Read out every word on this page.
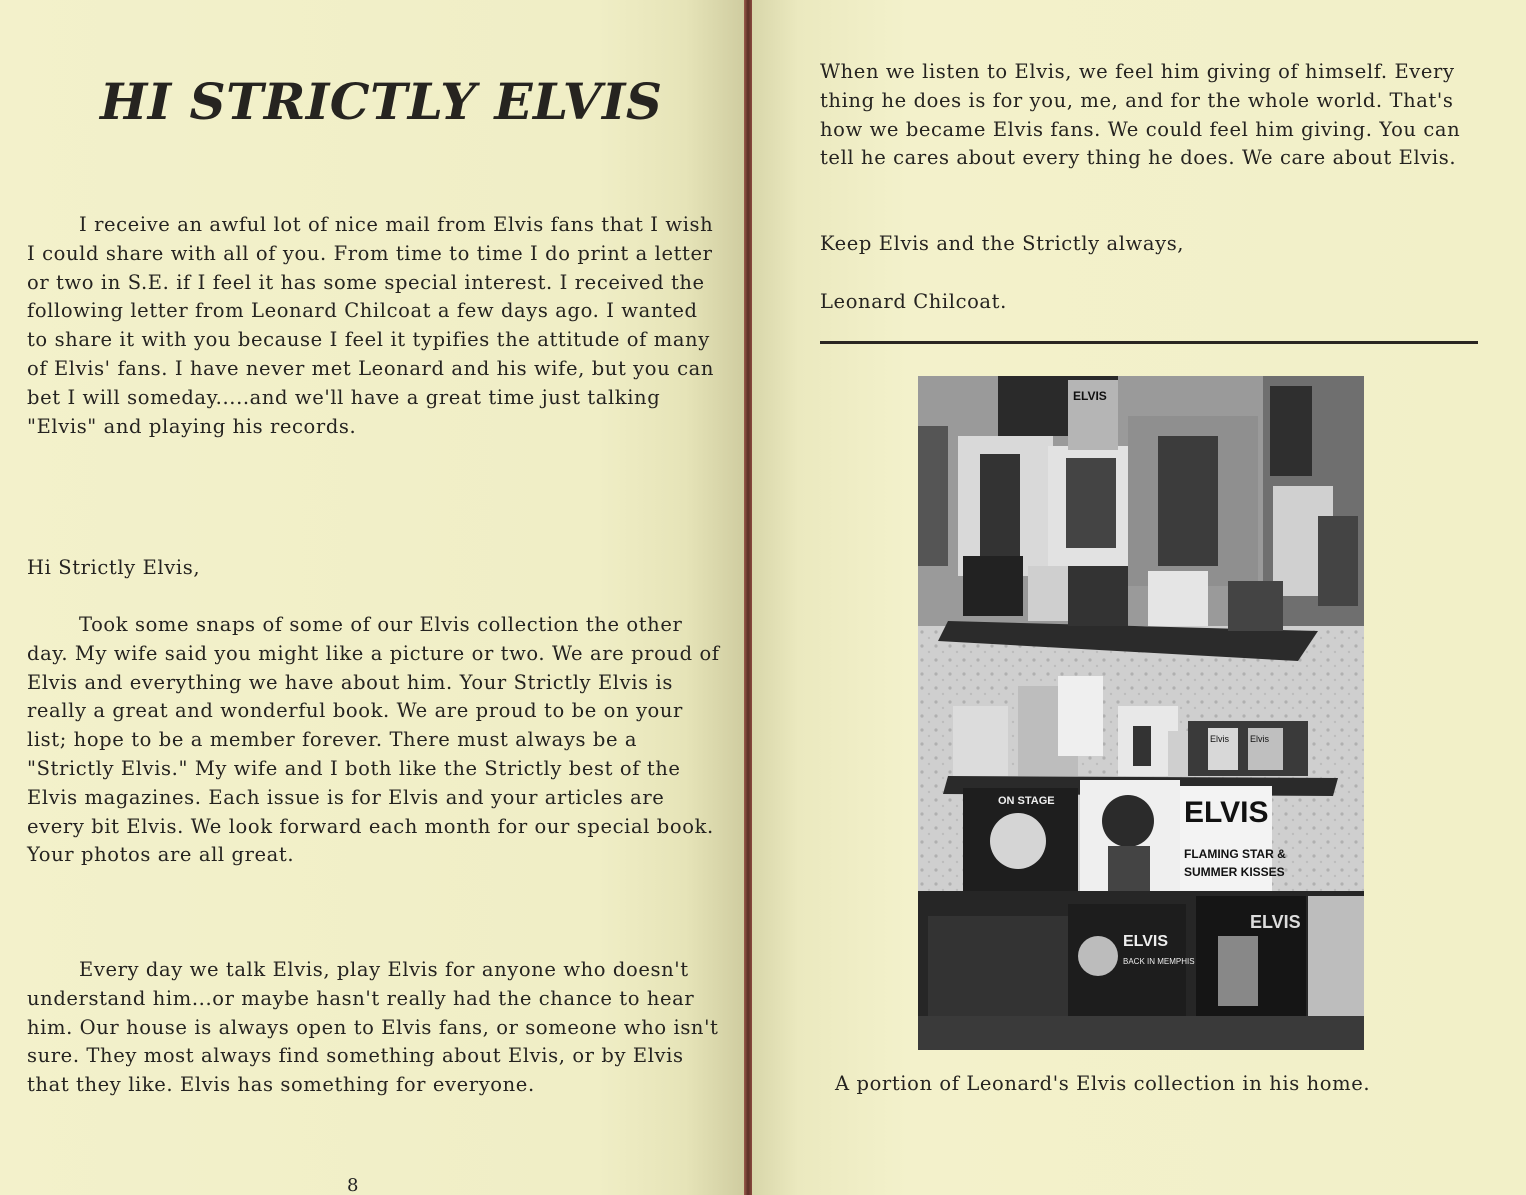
HI STRICTLY ELVIS

I receive an awful lot of nice mail from Elvis fans that I wish I could share with all of you. From time to time I do print a letter or two in S.E. if I feel it has some special interest. I received the following letter from Leonard Chilcoat a few days ago. I wanted to share it with you because I feel it typifies the attitude of many of Elvis' fans. I have never met Leonard and his wife, but you can bet I will someday.....and we'll have a great time just talking "Elvis" and playing his records.

Hi Strictly Elvis,

Took some snaps of some of our Elvis collection the other day. My wife said you might like a picture or two. We are proud of Elvis and everything we have about him. Your Strictly Elvis is really a great and wonderful book. We are proud to be on your list; hope to be a member forever. There must always be a "Strictly Elvis." My wife and I both like the Strictly best of the Elvis magazines. Each issue is for Elvis and your articles are every bit Elvis. We look forward each month for our special book. Your photos are all great.

Every day we talk Elvis, play Elvis for anyone who doesn't understand him...or maybe hasn't really had the chance to hear him. Our house is always open to Elvis fans, or someone who isn't sure. They most always find something about Elvis, or by Elvis that they like. Elvis has something for everyone.

8

When we listen to Elvis, we feel him giving of himself. Every thing he does is for you, me, and for the whole world. That's how we became Elvis fans. We could feel him giving. You can tell he cares about every thing he does. We care about Elvis.

Keep Elvis and the Strictly always,

Leonard Chilcoat.

ELVIS
Elvis Elvis
ON STAGE	ELVIS
FLAMING STAR &
SUMMER KISSES
ELVIS
BACK IN MEMPHIS
ELVIS
A portion of Leonard's Elvis collection in his home.
